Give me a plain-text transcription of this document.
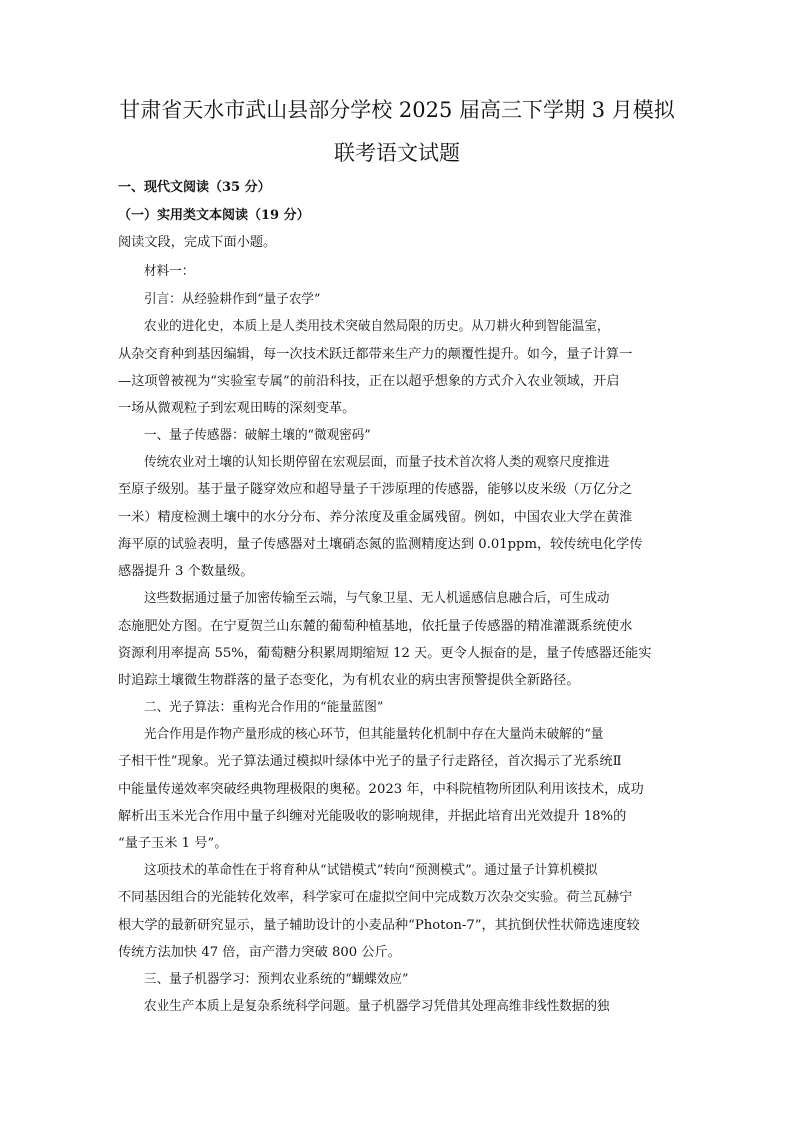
甘肃省天水市武山县部分学校 2025 届高三下学期 3 月模拟
联考语文试题
一、现代文阅读（35 分）
（一）实用类文本阅读（19 分）
阅读文段，完成下面小题。
材料一：
引言：从经验耕作到“量子农学”
农业的进化史，本质上是人类用技术突破自然局限的历史。从刀耕火种到智能温室，
从杂交育种到基因编辑，每一次技术跃迁都带来生产力的颠覆性提升。如今，量子计算一
—这项曾被视为“实验室专属”的前沿科技，正在以超乎想象的方式介入农业领域，开启
一场从微观粒子到宏观田畴的深刻变革。
一、量子传感器：破解土壤的“微观密码”
传统农业对土壤的认知长期停留在宏观层面，而量子技术首次将人类的观察尺度推进
至原子级别。基于量子隧穿效应和超导量子干涉原理的传感器，能够以皮米级（万亿分之
一米）精度检测土壤中的水分分布、养分浓度及重金属残留。例如，中国农业大学在黄淮
海平原的试验表明，量子传感器对土壤硝态氮的监测精度达到 0.01ppm，较传统电化学传
感器提升 3 个数量级。
这些数据通过量子加密传输至云端，与气象卫星、无人机遥感信息融合后，可生成动
态施肥处方图。在宁夏贺兰山东麓的葡萄种植基地，依托量子传感器的精准灌溉系统使水
资源利用率提高 55%，葡萄糖分积累周期缩短 12 天。更令人振奋的是，量子传感器还能实
时追踪土壤微生物群落的量子态变化，为有机农业的病虫害预警提供全新路径。
二、光子算法：重构光合作用的“能量蓝图”
光合作用是作物产量形成的核心环节，但其能量转化机制中存在大量尚未破解的“量
子相干性”现象。光子算法通过模拟叶绿体中光子的量子行走路径，首次揭示了光系统Ⅱ
中能量传递效率突破经典物理极限的奥秘。2023 年，中科院植物所团队利用该技术，成功
解析出玉米光合作用中量子纠缠对光能吸收的影响规律，并据此培育出光效提升 18%的
“量子玉米 1 号”。
这项技术的革命性在于将育种从“试错模式”转向“预测模式”。通过量子计算机模拟
不同基因组合的光能转化效率，科学家可在虚拟空间中完成数万次杂交实验。荷兰瓦赫宁
根大学的最新研究显示，量子辅助设计的小麦品种“Photon-7”，其抗倒伏性状筛选速度较
传统方法加快 47 倍，亩产潜力突破 800 公斤。
三、量子机器学习：预判农业系统的“蝴蝶效应”
农业生产本质上是复杂系统科学问题。量子机器学习凭借其处理高维非线性数据的独
